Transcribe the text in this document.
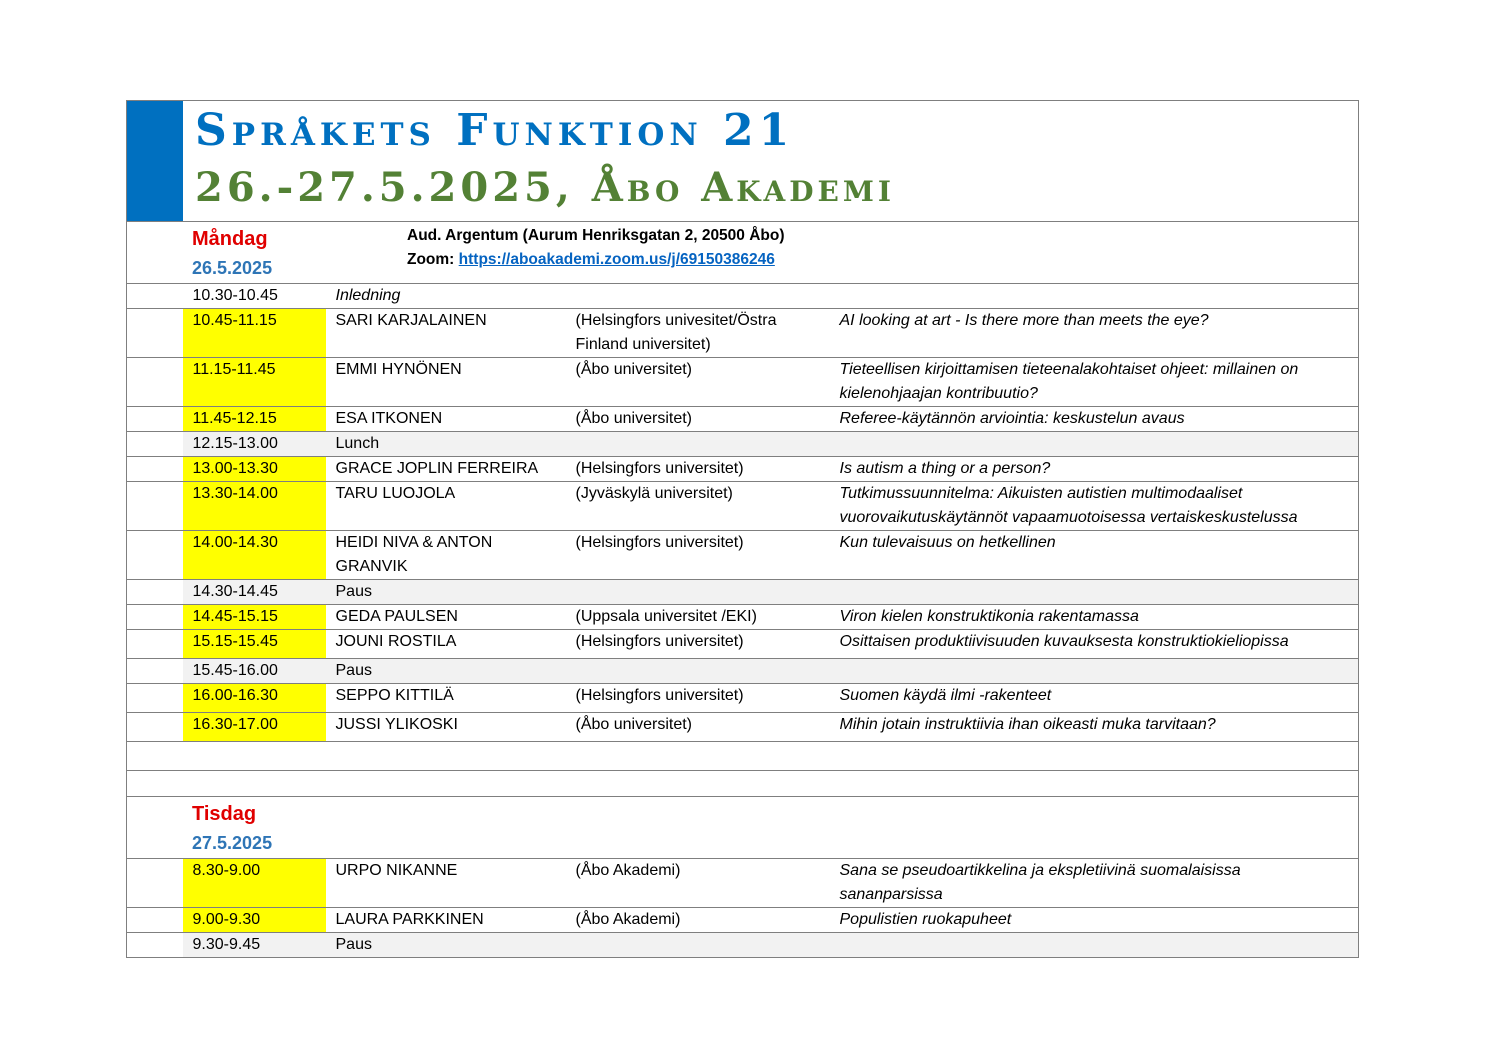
Språkets Funktion 21
26.-27.5.2025, Åbo Akademi
Måndag
26.5.2025
Aud. Argentum (Aurum Henriksgatan 2, 20500 Åbo)
Zoom: https://aboakademi.zoom.us/j/69150386246
	10.30-10.45	Inledning		
	10.45-11.15	SARI KARJALAINEN	(Helsingfors univesitet/Östra Finland universitet)	AI looking at art - Is there more than meets the eye?
	11.15-11.45	EMMI HYNÖNEN	(Åbo universitet)	Tieteellisen kirjoittamisen tieteenalakohtaiset ohjeet: millainen on kielenohjaajan kontribuutio?
	11.45-12.15	ESA ITKONEN	(Åbo universitet)	Referee-käytännön arviointia: keskustelun avaus
	12.15-13.00	Lunch		
	13.00-13.30	GRACE JOPLIN FERREIRA	(Helsingfors universitet)	Is autism a thing or a person?
	13.30-14.00	TARU LUOJOLA	(Jyväskylä universitet)	Tutkimussuunnitelma: Aikuisten autistien multimodaaliset vuorovaikutuskäytännöt vapaamuotoisessa vertaiskeskustelussa
	14.00-14.30	HEIDI NIVA & ANTON GRANVIK	(Helsingfors universitet)	Kun tulevaisuus on hetkellinen
	14.30-14.45	Paus		
	14.45-15.15	GEDA PAULSEN	(Uppsala universitet /EKI)	Viron kielen konstruktikonia rakentamassa
	15.15-15.45	JOUNI ROSTILA	(Helsingfors universitet)	Osittaisen produktiivisuuden kuvauksesta konstruktiokieliopissa
	15.45-16.00	Paus		
	16.00-16.30	SEPPO KITTILÄ	(Helsingfors universitet)	Suomen käydä ilmi -rakenteet
	16.30-17.00	JUSSI YLIKOSKI	(Åbo universitet)	Mihin jotain instruktiivia ihan oikeasti muka tarvitaan?

Tisdag
27.5.2025
	8.30-9.00	URPO NIKANNE	(Åbo Akademi)	Sana se pseudoartikkelina ja ekspletiivinä suomalaisissa sananparsissa
	9.00-9.30	LAURA PARKKINEN	(Åbo Akademi)	Populistien ruokapuheet
	9.30-9.45	Paus		
